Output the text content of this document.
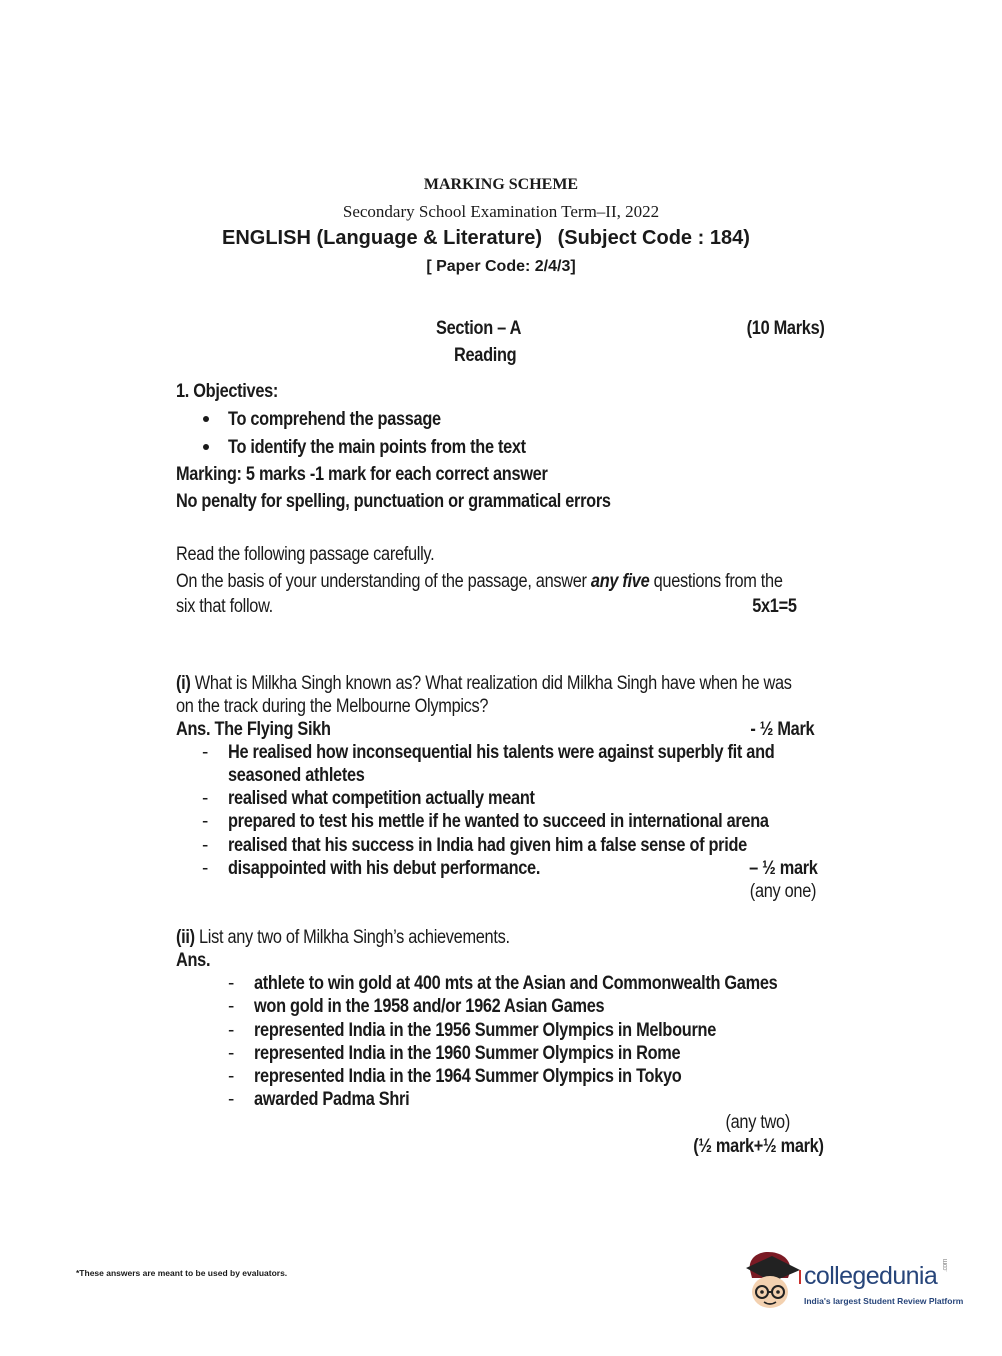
MARKING SCHEME
Secondary School Examination Term–II, 2022
ENGLISH (Language & Literature) (Subject Code : 184)
[ Paper Code: 2/4/3]
Section – A
Reading
(10 Marks)
1. Objectives:
To comprehend the passage
To identify the main points from the text
Marking: 5 marks -1 mark for each correct answer
No penalty for spelling, punctuation or grammatical errors
Read the following passage carefully.
On the basis of your understanding of the passage, answer any five questions from the
six that follow.	5x1=5
(i) What is Milkha Singh known as? What realization did Milkha Singh have when he was
on the track during the Melbourne Olympics?
Ans. The Flying Sikh	- ½ Mark
- He realised how inconsequential his talents were against superbly fit and
seasoned athletes
- realised what competition actually meant
- prepared to test his mettle if he wanted to succeed in international arena
- realised that his success in India had given him a false sense of pride
- disappointed with his debut performance.	– ½ mark
(any one)
(ii) List any two of Milkha Singh’s achievements.
Ans.
- athlete to win gold at 400 mts at the Asian and Commonwealth Games
- won gold in the 1958 and/or 1962 Asian Games
- represented India in the 1956 Summer Olympics in Melbourne
- represented India in the 1960 Summer Olympics in Rome
- represented India in the 1964 Summer Olympics in Tokyo
- awarded Padma Shri
(any two)
(½ mark+½ mark)
*These answers are meant to be used by evaluators.	collegedunia .com
India's largest Student Review Platform
